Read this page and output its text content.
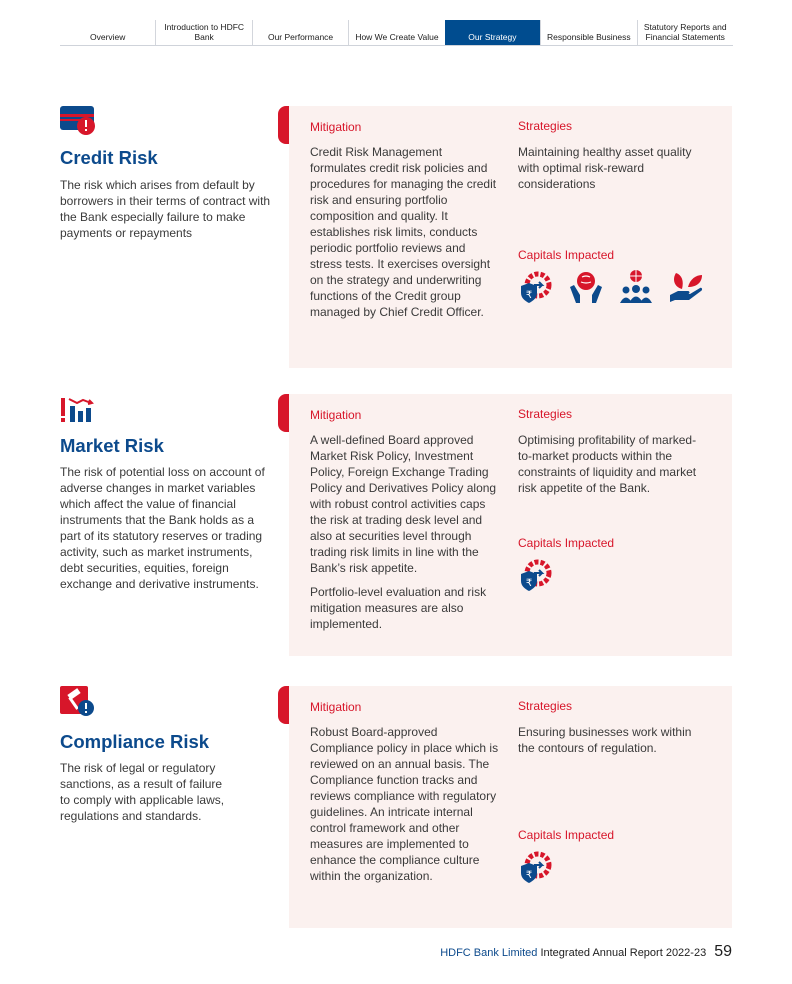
Overview
Introduction to HDFC Bank	Our Performance	How We Create Value	Our Strategy	Responsible Business
Statutory Reports and Financial Statements
Credit Risk

The risk which arises from default by borrowers in their terms of contract with the Bank especially failure to make payments or repayments

Mitigation

Credit Risk Management formulates credit risk policies and procedures for managing the credit risk and ensuring portfolio composition and quality. It establishes risk limits, conducts periodic portfolio reviews and stress tests. It exercises oversight on the strategy and underwriting functions of the Credit group managed by Chief Credit Officer.

Strategies

Maintaining healthy asset quality with optimal risk-reward considerations

Capitals Impacted

₹
Market Risk

The risk of potential loss on account of adverse changes in market variables which affect the value of financial instruments that the Bank holds as a part of its statutory reserves or trading activity, such as market instruments, debt securities, equities, foreign exchange and derivative instruments.

Mitigation

A well-defined Board approved Market Risk Policy, Investment Policy, Foreign Exchange Trading Policy and Derivatives Policy along with robust control activities caps the risk at trading desk level and also at securities level through trading risk limits in line with the Bank’s risk appetite.

Portfolio-level evaluation and risk mitigation measures are also implemented.

Strategies

Optimising profitability of marked-to-market products within the constraints of liquidity and market risk appetite of the Bank.

Capitals Impacted

₹
Compliance Risk

The risk of legal or regulatory sanctions, as a result of failure to comply with applicable laws, regulations and standards.

Mitigation

Robust Board-approved Compliance policy in place which is reviewed on an annual basis. The Compliance function tracks and reviews compliance with regulatory guidelines. An intricate internal control framework and other measures are implemented to enhance the compliance culture within the organization.

Strategies

Ensuring businesses work within the contours of regulation.

Capitals Impacted

₹
HDFC Bank Limited Integrated Annual Report 2022-23 59
